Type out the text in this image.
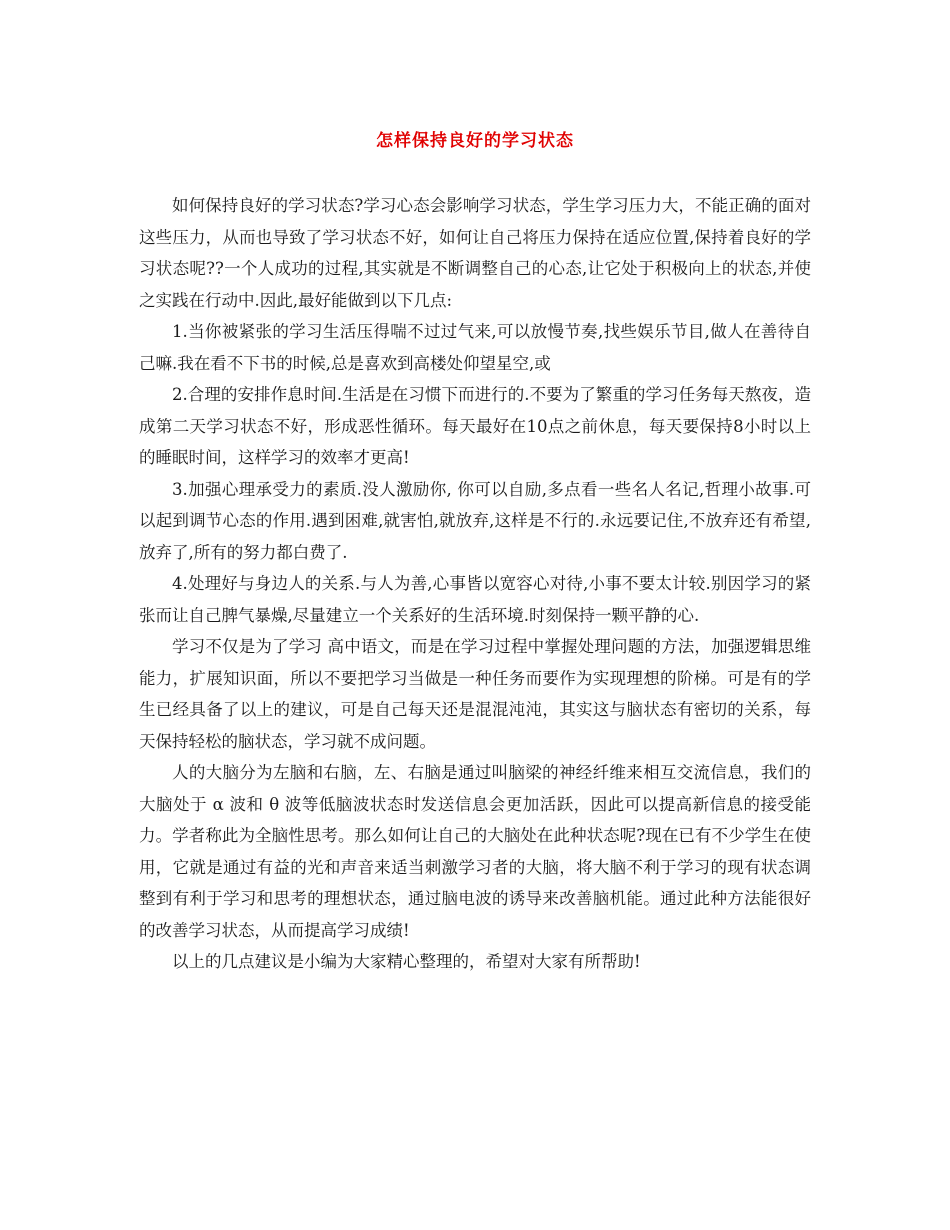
怎样保持良好的学习状态

如何保持良好的学习状态?学习心态会影响学习状态，学生学习压力大，不能正确的面对这些压力，从而也导致了学习状态不好，如何让自己将压力保持在适应位置,保持着良好的学习状态呢??一个人成功的过程,其实就是不断调整自己的心态,让它处于积极向上的状态,并使之实践在行动中.因此,最好能做到以下几点:

1.当你被紧张的学习生活压得喘不过过气来,可以放慢节奏,找些娱乐节目,做人在善待自己嘛.我在看不下书的时候,总是喜欢到高楼处仰望星空,或

2.合理的安排作息时间.生活是在习惯下而进行的.不要为了繁重的学习任务每天熬夜，造成第二天学习状态不好，形成恶性循环。每天最好在10点之前休息，每天要保持8小时以上的睡眠时间，这样学习的效率才更高!

3.加强心理承受力的素质.没人激励你, 你可以自励,多点看一些名人名记,哲理小故事.可以起到调节心态的作用.遇到困难,就害怕,就放弃,这样是不行的.永远要记住,不放弃还有希望,放弃了,所有的努力都白费了.

4.处理好与身边人的关系.与人为善,心事皆以宽容心对待,小事不要太计较.别因学习的紧张而让自己脾气暴燥,尽量建立一个关系好的生活环境.时刻保持一颗平静的心.

学习不仅是为了学习 高中语文，而是在学习过程中掌握处理问题的方法，加强逻辑思维能力，扩展知识面，所以不要把学习当做是一种任务而要作为实现理想的阶梯。可是有的学生已经具备了以上的建议，可是自己每天还是混混沌沌，其实这与脑状态有密切的关系，每天保持轻松的脑状态，学习就不成问题。

人的大脑分为左脑和右脑，左、右脑是通过叫脑梁的神经纤维来相互交流信息，我们的大脑处于 α 波和 θ 波等低脑波状态时发送信息会更加活跃，因此可以提高新信息的接受能力。学者称此为全脑性思考。那么如何让自己的大脑处在此种状态呢?现在已有不少学生在使用，它就是通过有益的光和声音来适当刺激学习者的大脑，将大脑不利于学习的现有状态调整到有利于学习和思考的理想状态，通过脑电波的诱导来改善脑机能。通过此种方法能很好的改善学习状态，从而提高学习成绩!

以上的几点建议是小编为大家精心整理的，希望对大家有所帮助!
